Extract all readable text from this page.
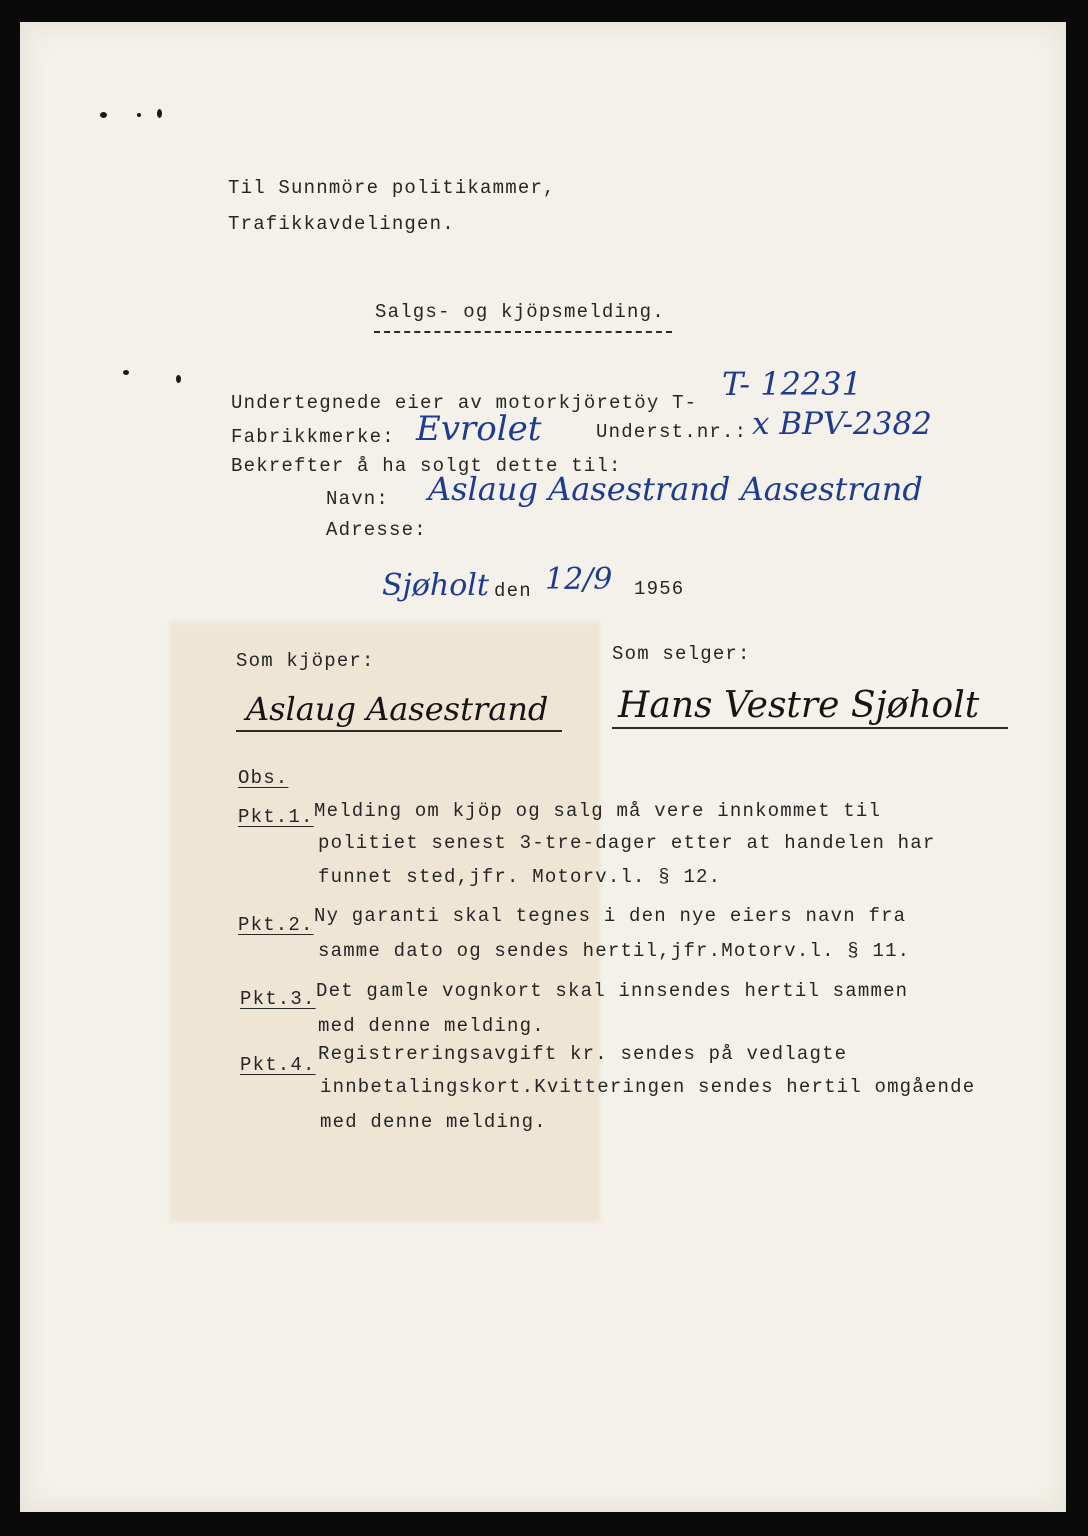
Til Sunnmöre politikammer,
Trafikkavdelingen.
Salgs- og kjöpsmelding.
Undertegnede eier av motorkjöretöy T- T- 12231
Fabrikkmerke: Evrolet	Underst.nr.: x BPV-2382
Bekrefter å ha solgt dette til:
Navn: Aslaug Aasestrand Aasestrand
Adresse:
Sjøholt den 12/9 1956
Som kjöper:	Som selger:
Aslaug Aasestrand Hans Vestre Sjøholt
Obs.
Pkt.1. Melding om kjöp og salg må vere innkommet til
politiet senest 3-tre-dager etter at handelen har
funnet sted,jfr. Motorv.l. § 12.
Pkt.2. Ny garanti skal tegnes i den nye eiers navn fra
samme dato og sendes hertil,jfr.Motorv.l. § 11.
Pkt.3. Det gamle vognkort skal innsendes hertil sammen
med denne melding.
Pkt.4. Registreringsavgift kr. sendes på vedlagte
innbetalingskort.Kvitteringen sendes hertil omgående
med denne melding.
